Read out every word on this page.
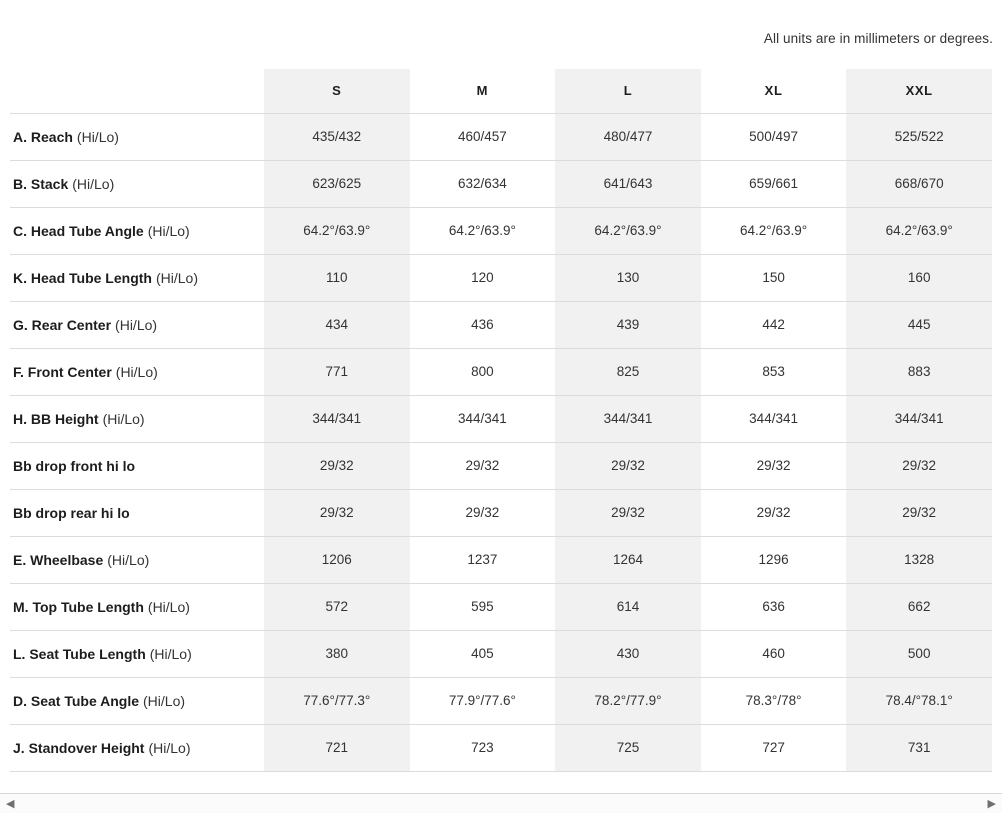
All units are in millimeters or degrees.
	S	M	L	XL	XXL
A. Reach (Hi/Lo)	435/432	460/457	480/477	500/497	525/522
B. Stack (Hi/Lo)	623/625	632/634	641/643	659/661	668/670
C. Head Tube Angle (Hi/Lo)	64.2°/63.9°	64.2°/63.9°	64.2°/63.9°	64.2°/63.9°	64.2°/63.9°
K. Head Tube Length (Hi/Lo)	110	120	130	150	160
G. Rear Center (Hi/Lo)	434	436	439	442	445
F. Front Center (Hi/Lo)	771	800	825	853	883
H. BB Height (Hi/Lo)	344/341	344/341	344/341	344/341	344/341
Bb drop front hi lo	29/32	29/32	29/32	29/32	29/32
Bb drop rear hi lo	29/32	29/32	29/32	29/32	29/32
E. Wheelbase (Hi/Lo)	1206	1237	1264	1296	1328
M. Top Tube Length (Hi/Lo)	572	595	614	636	662
L. Seat Tube Length (Hi/Lo)	380	405	430	460	500
D. Seat Tube Angle (Hi/Lo)	77.6°/77.3°	77.9°/77.6°	78.2°/77.9°	78.3°/78°	78.4/°78.1°
J. Standover Height (Hi/Lo)	721	723	725	727	731
◀	▶
